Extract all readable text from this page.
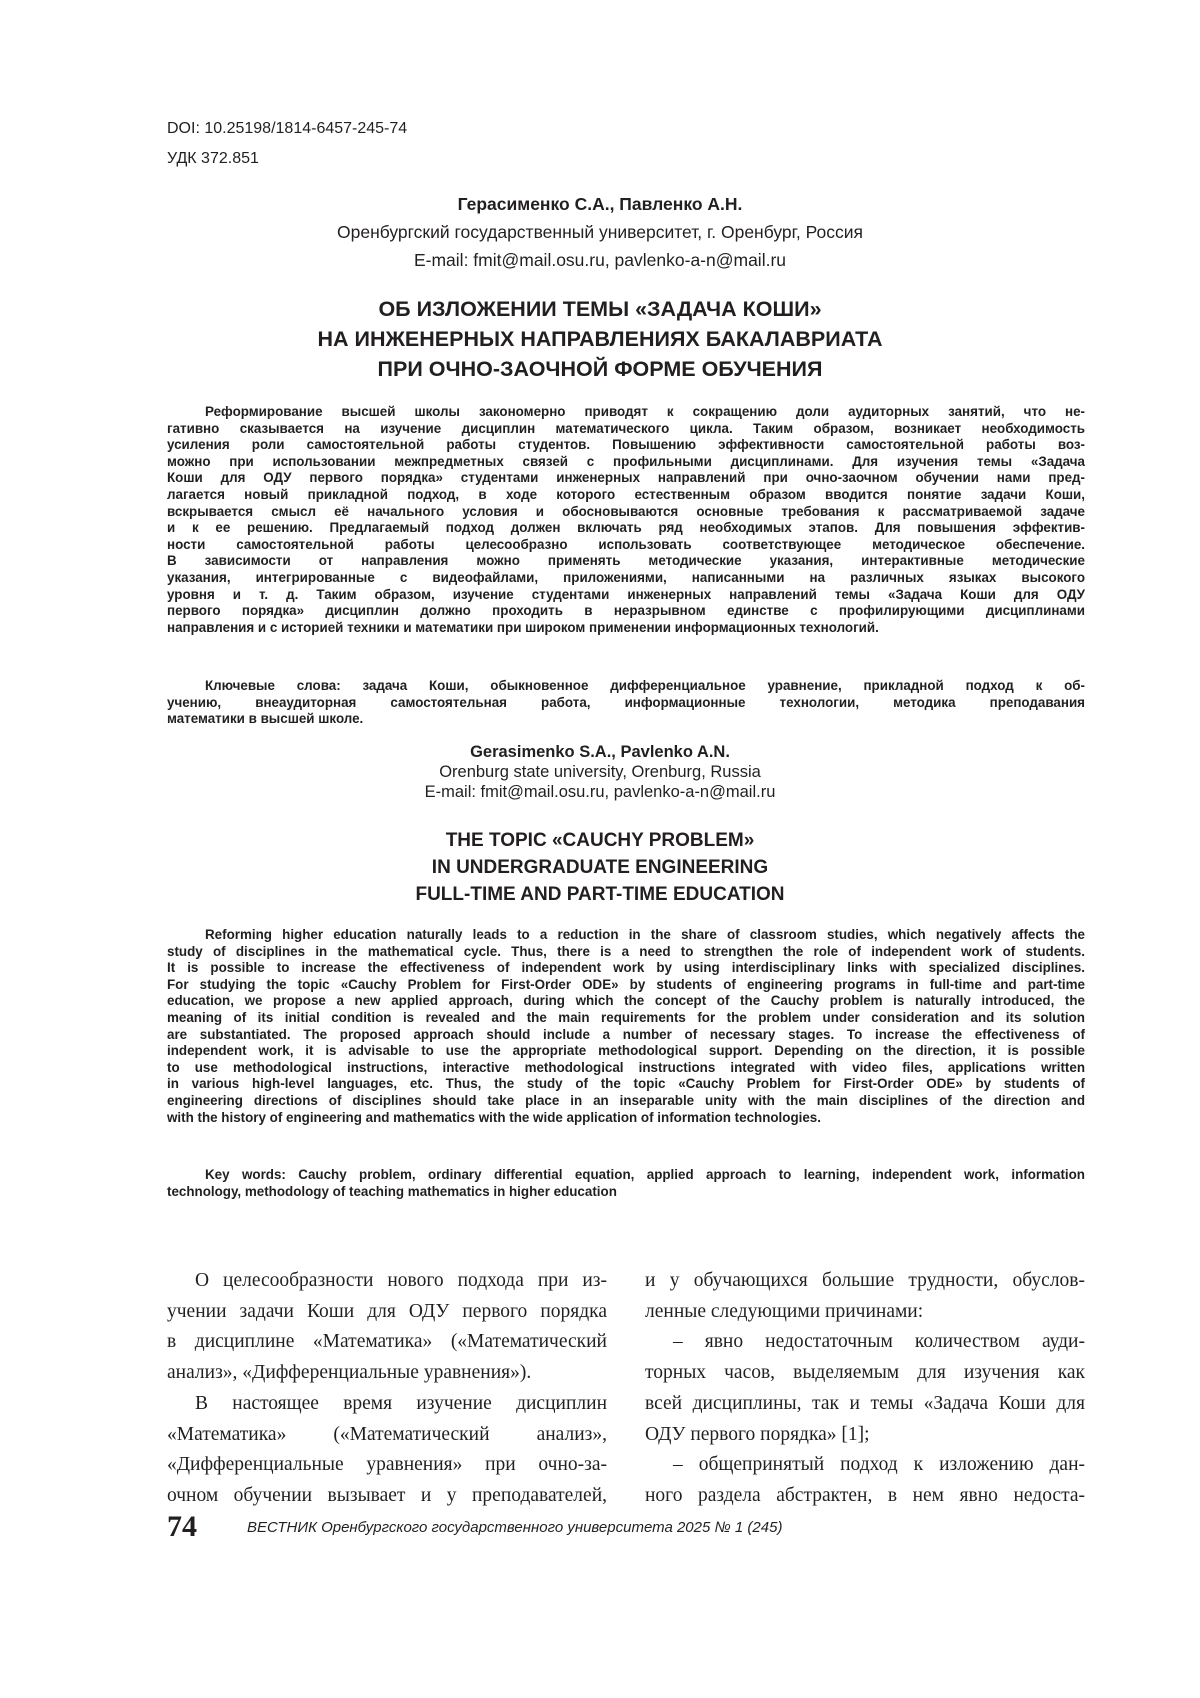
DOI: 10.25198/1814-6457-245-74
УДК 372.851
Герасименко С.А., Павленко А.Н.
Оренбургский государственный университет, г. Оренбург, Россия
E-mail: fmit@mail.osu.ru, pavlenko-a-n@mail.ru
ОБ ИЗЛОЖЕНИИ ТЕМЫ «ЗАДАЧА КОШИ»
НА ИНЖЕНЕРНЫХ НАПРАВЛЕНИЯХ БАКАЛАВРИАТА
ПРИ ОЧНО-ЗАОЧНОЙ ФОРМЕ ОБУЧЕНИЯ
Реформирование высшей школы закономерно приводят к сокращению доли аудиторных занятий, что не-
гативно сказывается на изучение дисциплин математического цикла. Таким образом, возникает необходимость
усиления роли самостоятельной работы студентов. Повышению эффективности самостоятельной работы воз-
можно при использовании межпредметных связей с профильными дисциплинами. Для изучения темы «Задача
Коши для ОДУ первого порядка» студентами инженерных направлений при очно-заочном обучении нами пред-
лагается новый прикладной подход, в ходе которого естественным образом вводится понятие задачи Коши,
вскрывается смысл её начального условия и обосновываются основные требования к рассматриваемой задаче
и к ее решению. Предлагаемый подход должен включать ряд необходимых этапов. Для повышения эффектив-
ности самостоятельной работы целесообразно использовать соответствующее методическое обеспечение.
В зависимости от направления можно применять методические указания, интерактивные методические
указания, интегрированные с видеофайлами, приложениями, написанными на различных языках высокого
уровня и т. д. Таким образом, изучение студентами инженерных направлений темы «Задача Коши для ОДУ
первого порядка» дисциплин должно проходить в неразрывном единстве с профилирующими дисциплинами
направления и с историей техники и математики при широком применении информационных технологий.
Ключевые слова: задача Коши, обыкновенное дифференциальное уравнение, прикладной подход к об-
учению, внеаудиторная самостоятельная работа, информационные технологии, методика преподавания
математики в высшей школе.
Gerasimenko S.A., Pavlenko A.N.
Orenburg state university, Orenburg, Russia
E-mail: fmit@mail.osu.ru, pavlenko-a-n@mail.ru
THE TOPIC «CAUCHY PROBLEM»
IN UNDERGRADUATE ENGINEERING
FULL-TIME AND PART-TIME EDUCATION
Reforming higher education naturally leads to a reduction in the share of classroom studies, which negatively affects the
study of disciplines in the mathematical cycle. Thus, there is a need to strengthen the role of independent work of students.
It is possible to increase the effectiveness of independent work by using interdisciplinary links with specialized disciplines.
For studying the topic «Cauchy Problem for First-Order ODE» by students of engineering programs in full-time and part-time
education, we propose a new applied approach, during which the concept of the Cauchy problem is naturally introduced, the
meaning of its initial condition is revealed and the main requirements for the problem under consideration and its solution
are substantiated. The proposed approach should include a number of necessary stages. To increase the effectiveness of
independent work, it is advisable to use the appropriate methodological support. Depending on the direction, it is possible
to use methodological instructions, interactive methodological instructions integrated with video files, applications written
in various high-level languages, etc. Thus, the study of the topic «Cauchy Problem for First-Order ODE» by students of
engineering directions of disciplines should take place in an inseparable unity with the main disciplines of the direction and
with the history of engineering and mathematics with the wide application of information technologies.
Key words: Cauchy problem, ordinary differential equation, applied approach to learning, independent work, information
technology, methodology of teaching mathematics in higher education
О целесообразности нового подхода при из-
учении задачи Коши для ОДУ первого порядка
в дисциплине «Математика» («Математический
анализ», «Дифференциальные уравнения»).
В настоящее время изучение дисциплин
«Математика» («Математический анализ»,
«Дифференциальные уравнения» при очно-за-
очном обучении вызывает и у преподавателей,
и у обучающихся большие трудности, обуслов-
ленные следующими причинами:
– явно недостаточным количеством ауди-
торных часов, выделяемым для изучения как
всей дисциплины, так и темы «Задача Коши для
ОДУ первого порядка» [1];
– общепринятый подход к изложению дан-
ного раздела абстрактен, в нем явно недоста-
74	ВЕСТНИК Оренбургского государственного университета 2025 № 1 (245)
